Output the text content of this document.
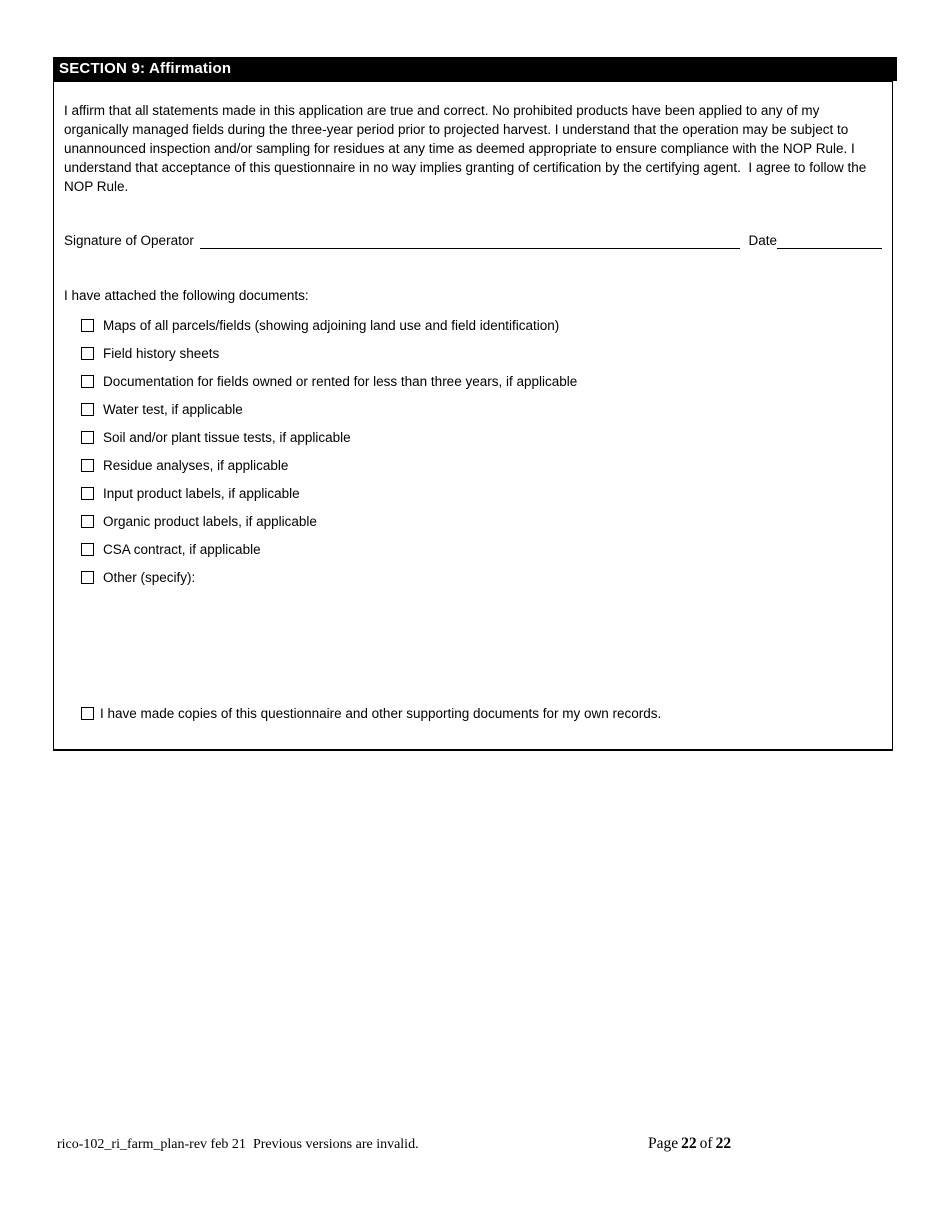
SECTION 9: Affirmation
I affirm that all statements made in this application are true and correct. No prohibited products have been applied to any of my organically managed fields during the three-year period prior to projected harvest. I understand that the operation may be subject to unannounced inspection and/or sampling for residues at any time as deemed appropriate to ensure compliance with the NOP Rule. I understand that acceptance of this questionnaire in no way implies granting of certification by the certifying agent.  I agree to follow the NOP Rule.
Signature of Operator	Date
I have attached the following documents:
Maps of all parcels/fields (showing adjoining land use and field identification)
Field history sheets
Documentation for fields owned or rented for less than three years, if applicable
Water test, if applicable
Soil and/or plant tissue tests, if applicable
Residue analyses, if applicable
Input product labels, if applicable
Organic product labels, if applicable
CSA contract, if applicable
Other (specify):
I have made copies of this questionnaire and other supporting documents for my own records.
rico-102_ri_farm_plan-rev feb 21 Previous versions are invalid.	Page 22 of 22
